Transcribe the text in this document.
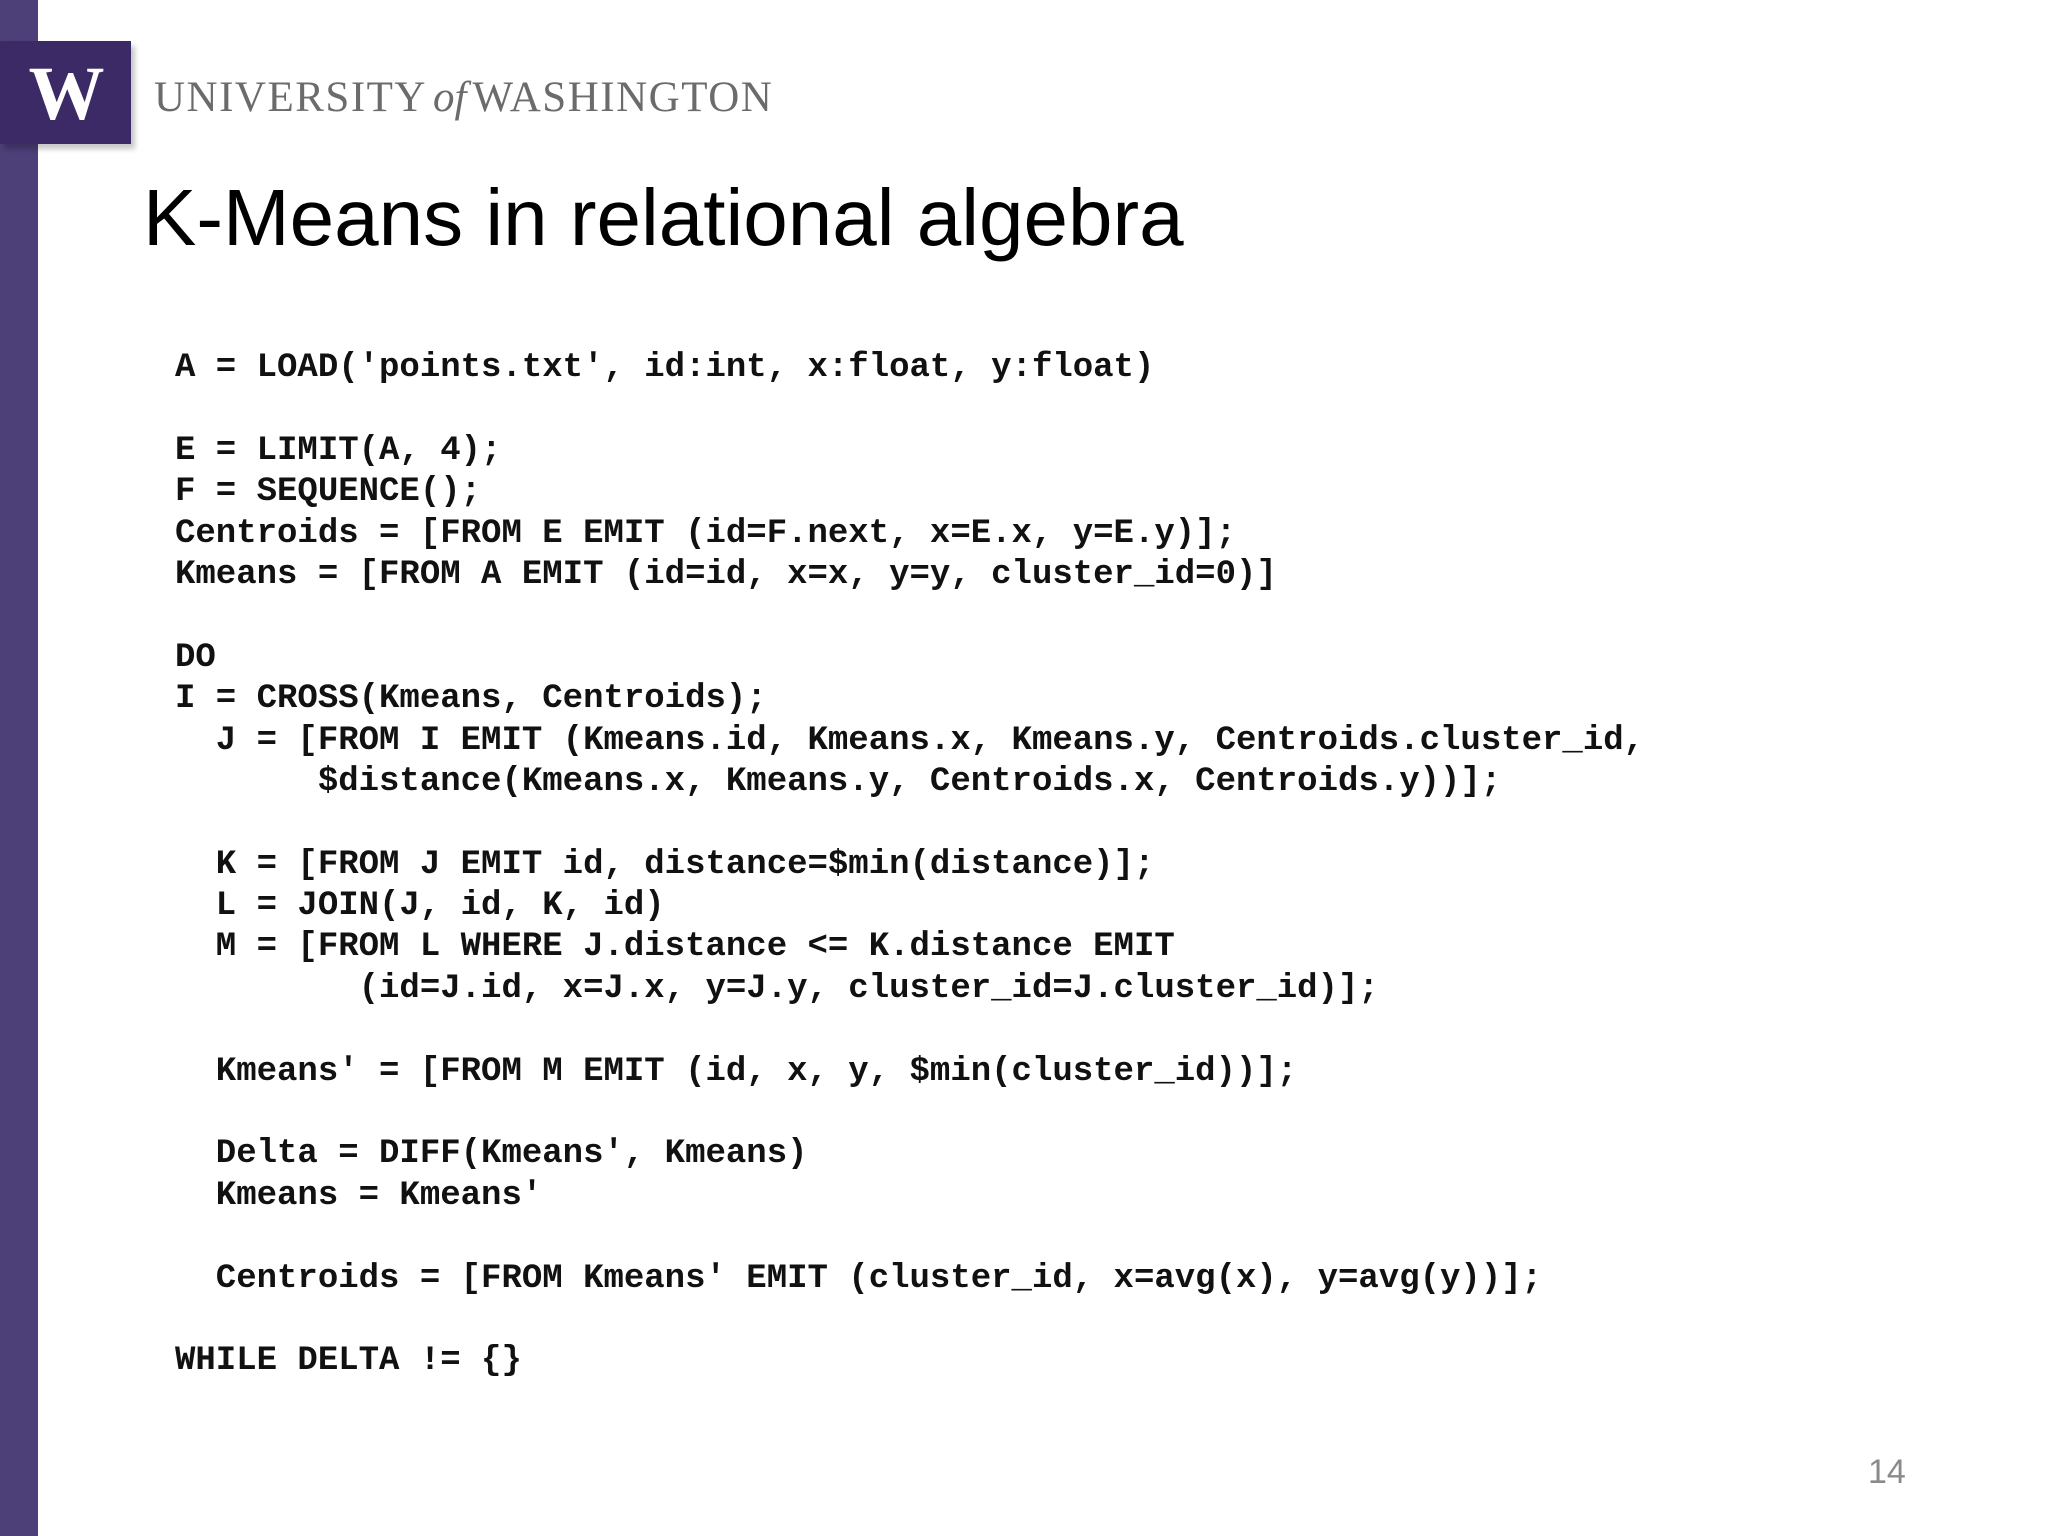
W UNIVERSITY of WASHINGTON
K-Means in relational algebra
A = LOAD('points.txt', id:int, x:float, y:float)
E = LIMIT(A, 4);
F = SEQUENCE();
Centroids = [FROM E EMIT (id=F.next, x=E.x, y=E.y)];
Kmeans = [FROM A EMIT (id=id, x=x, y=y, cluster_id=0)]
DO
I = CROSS(Kmeans, Centroids);
J = [FROM I EMIT (Kmeans.id, Kmeans.x, Kmeans.y, Centroids.cluster_id,
$distance(Kmeans.x, Kmeans.y, Centroids.x, Centroids.y))];
K = [FROM J EMIT id, distance=$min(distance)];
L = JOIN(J, id, K, id)
M = [FROM L WHERE J.distance <= K.distance EMIT
(id=J.id, x=J.x, y=J.y, cluster_id=J.cluster_id)];
Kmeans' = [FROM M EMIT (id, x, y, $min(cluster_id))];
Delta = DIFF(Kmeans', Kmeans)
Kmeans = Kmeans'
Centroids = [FROM Kmeans' EMIT (cluster_id, x=avg(x), y=avg(y))];
WHILE DELTA != {}
14
